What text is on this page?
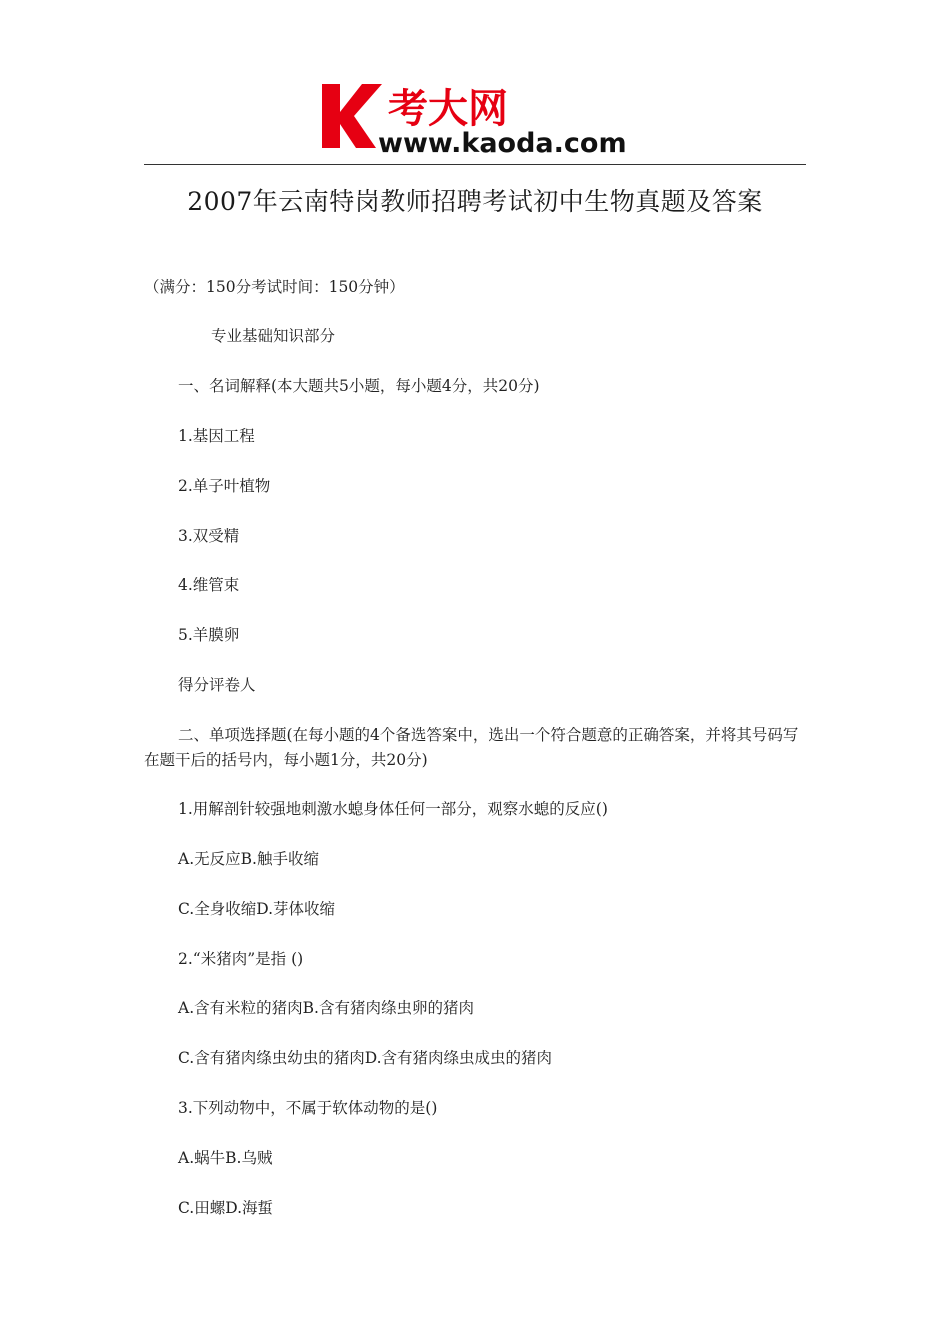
考大网
www.kaoda.com
2007年云南特岗教师招聘考试初中生物真题及答案
（满分：150分考试时间：150分钟）
专业基础知识部分
一、名词解释(本大题共5小题，每小题4分，共20分)
1.基因工程
2.单子叶植物
3.双受精
4.维管束
5.羊膜卵
得分评卷人
二、单项选择题(在每小题的4个备选答案中，选出一个符合题意的正确答案，并将其号码写在题干后的括号内，每小题1分，共20分)
1.用解剖针较强地刺激水螅身体任何一部分，观察水螅的反应()
A.无反应B.触手收缩
C.全身收缩D.芽体收缩
2.“米猪肉”是指 ()
A.含有米粒的猪肉B.含有猪肉绦虫卵的猪肉
C.含有猪肉绦虫幼虫的猪肉D.含有猪肉绦虫成虫的猪肉
3.下列动物中，不属于软体动物的是()
A.蜗牛B.乌贼
C.田螺D.海蜇
